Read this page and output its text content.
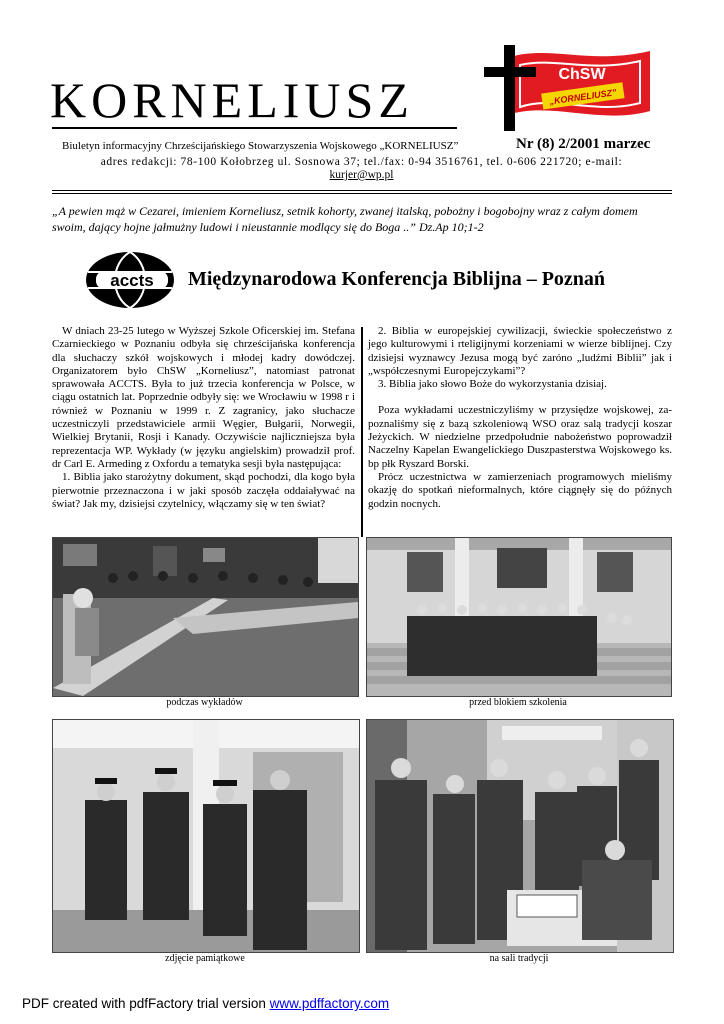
KORNELIUSZ	ChSW
„KORNELIUSZ”
Biuletyn informacyjny Chrześcijańskiego Stowarzyszenia Wojskowego „KORNELIUSZ”	Nr (8) 2/2001 marzec
adres redakcji: 78-100 Kołobrzeg ul. Sosnowa 37; tel./fax: 0-94 3516761, tel. 0-606 221720; e-mail:
kurjer@wp.pl
„A pewien mąż w Cezarei, imieniem Korneliusz, setnik kohorty, zwanej italską, pobożny i bogobojny wraz z całym domem swoim, dający hojne jałmużny ludowi i nieustannie modlący się do Boga ..” Dz.Ap 10;1-2
accts Międzynarodowa Konferencja Biblijna – Poznań

W dniach 23-25 lutego w Wyższej Szkole Oficerskiej im. Stefana Czarnieckiego w Poznaniu odbyła się chrześcijańska konferencja dla słuchaczy szkół wojskowych i młodej kadry dowódczej. Organizatorem było ChSW „Korneliusz”, natomiast patronat sprawowała ACCTS. Była to już trzecia konferencja w Polsce, w ciągu ostatnich lat. Poprzednie odbyły się: we Wrocławiu w 1998 r i również w Poznaniu w 1999 r. Z zagranicy, jako słuchacze uczestniczyli przedstawiciele armii Węgier, Bułgarii, Norwegii, Wielkiej Brytanii, Rosji i Kanady. Oczywiście najliczniejsza była reprezentacja WP. Wykłady (w języku angielskim) prowadził prof. dr Carl E. Armeding z Oxfordu a tematyka sesji była następująca:

1. Biblia jako starożytny dokument, skąd pochodzi, dla kogo była pierwotnie przeznaczona i w jaki sposób zaczęła oddaiaływać na świat? Jak my, dzisiejsi czytelnicy, włączamy się w ten świat?

2. Biblia w europejskiej cywilizacji, świeckie społeczeństwo z jego kulturowymi i rteligijnymi korzeniami w wierze biblijnej. Czy dzisiejsi wyznawcy Jezusa mogą być zaróno „ludźmi Biblii” jak i „współczesnymi Europejczykami”?

3. Biblia jako słowo Boże do wykorzystania dzisiaj.

Poza wykładami uczestniczyliśmy w przysiędze wojskowej, za- poznaliśmy się z bazą szkoleniową WSO oraz salą tradycji koszar Jeżyckich. W niedzielne przedpołudnie nabożeństwo poprowadził Naczelny Kapelan Ewangelickiego Duszpasterstwa Wojskowego ks. bp płk Ryszard Borski.

Prócz uczestnictwa w zamierzeniach programowych mieliśmy okazję do spotkań nieformalnych, które ciągnęły się do późnych godzin nocnych.

podczas wykładów	przed blokiem szkolenia
zdjęcie pamiątkowe	na sali tradycji
PDF created with pdfFactory trial version www.pdffactory.com
